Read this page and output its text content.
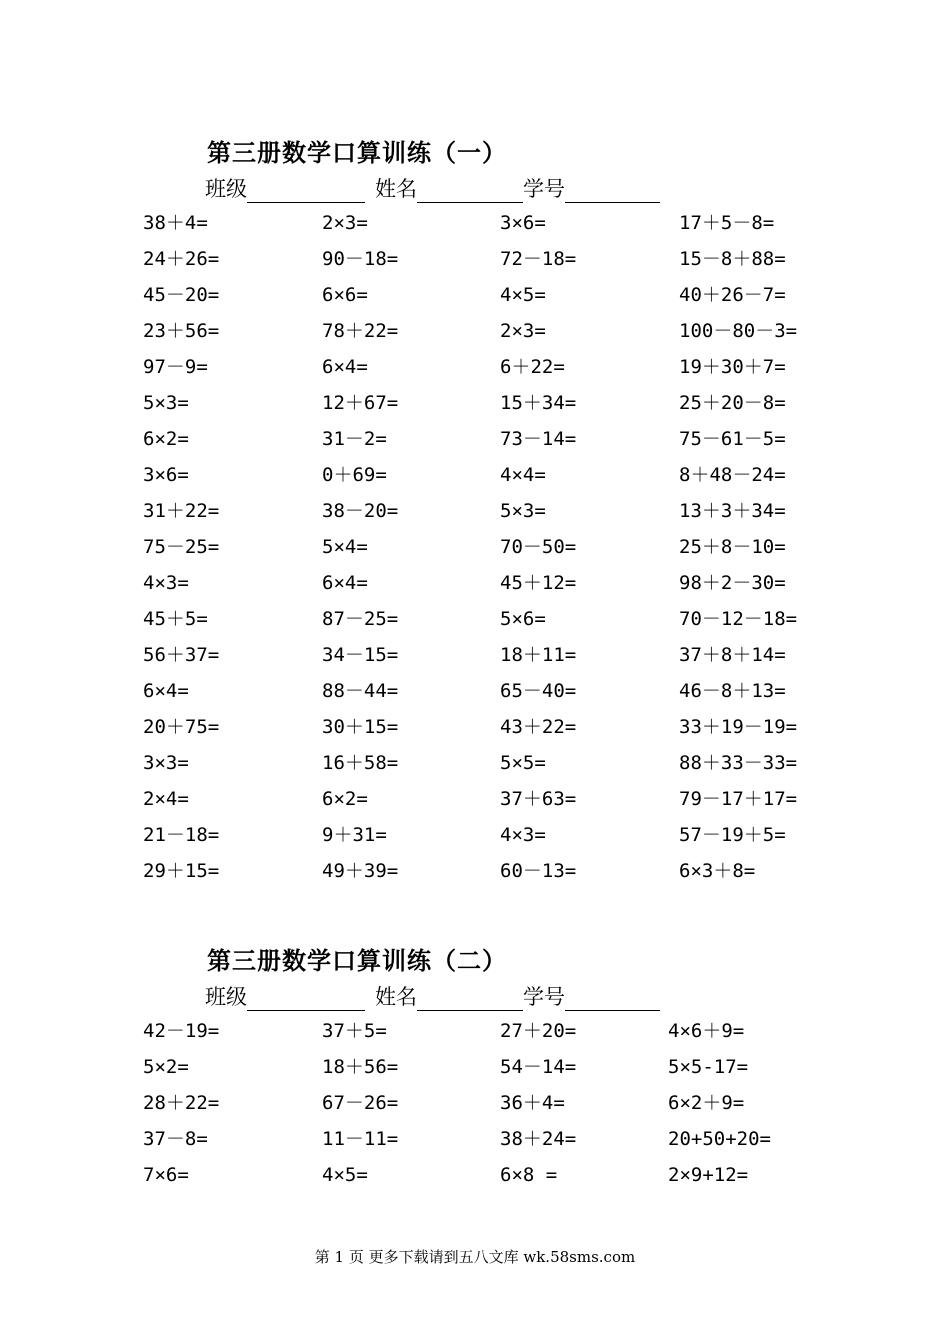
第三册数学口算训练（一）
班级	姓名	学号
38＋4=	2×3=	3×6=	17＋5－8=
24＋26=	90－18=	72－18=	15－8＋88=
45－20=	6×6=	4×5=	40＋26－7=
23＋56=	78＋22=	2×3=	100－80－3=
97－9=	6×4=	6＋22=	19＋30＋7=
5×3=	12＋67=	15＋34=	25＋20－8=
6×2=	31－2=	73－14=	75－61－5=
3×6=	0＋69=	4×4=	8＋48－24=
31＋22=	38－20=	5×3=	13＋3＋34=
75－25=	5×4=	70－50=	25＋8－10=
4×3=	6×4=	45＋12=	98＋2－30=
45＋5=	87－25=	5×6=	70－12－18=
56＋37=	34－15=	18＋11=	37＋8＋14=
6×4=	88－44=	65－40=	46－8＋13=
20＋75=	30＋15=	43＋22=	33＋19－19=
3×3=	16＋58=	5×5=	88＋33－33=
2×4=	6×2=	37＋63=	79－17＋17=
21－18=	9＋31=	4×3=	57－19＋5=
29＋15=	49＋39=	60－13=	6×3＋8=
第三册数学口算训练（二）
班级	姓名	学号
42－19=	37＋5=	27＋20=	4×6＋9=
5×2=	18＋56=	54－14=	5×5-17=
28＋22=	67－26=	36＋4=	6×2＋9=
37－8=	11－11=	38＋24=	20+50+20=
7×6=	4×5=	6×8 =	2×9+12=
第 1 页 更多下载请到五八文库 wk.58sms.com
